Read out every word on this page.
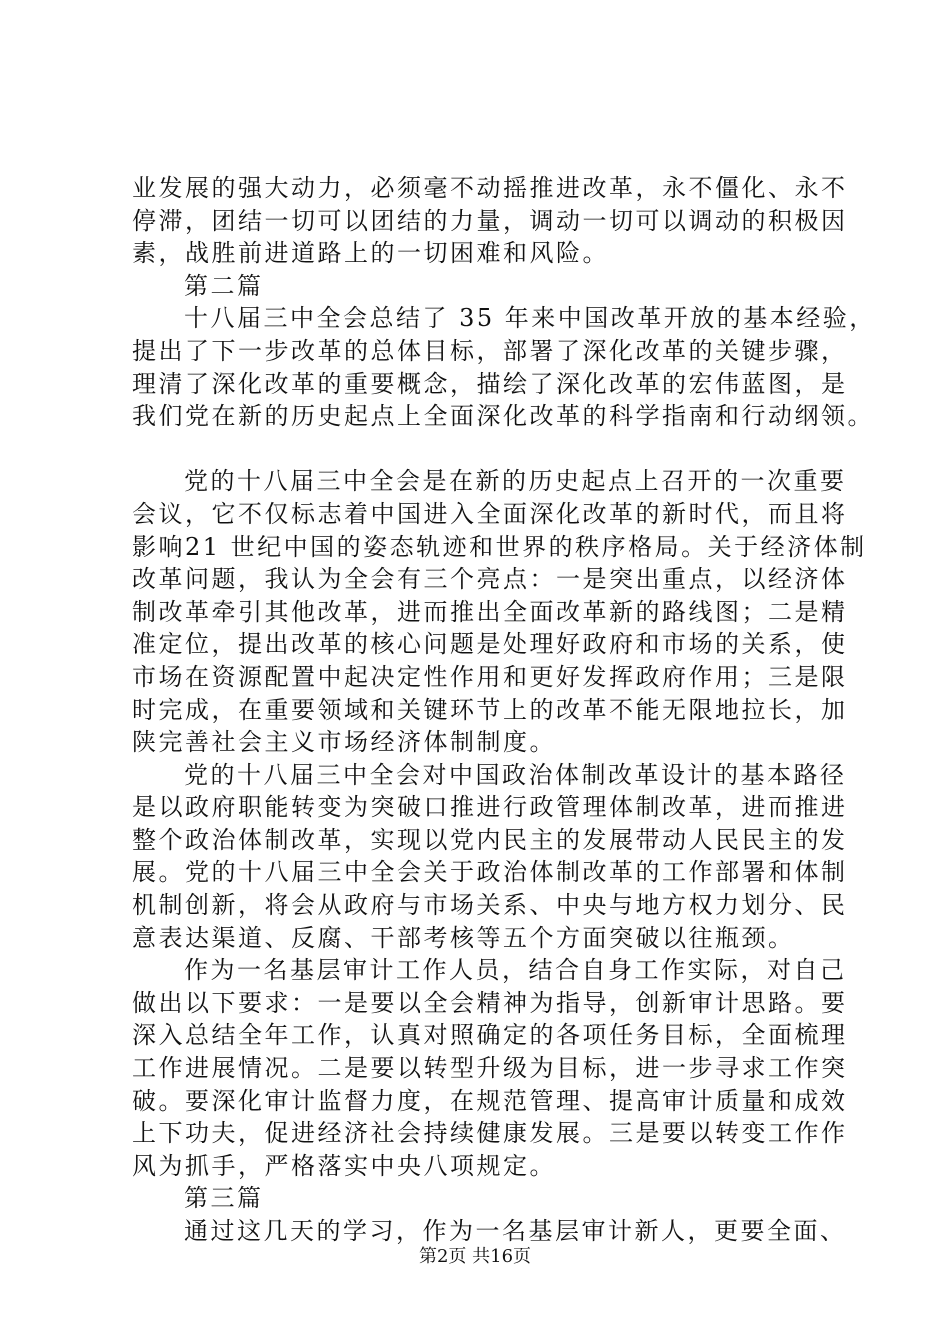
业发展的强大动力，必须毫不动摇推进改革，永不僵化、永不
停滞，团结一切可以团结的力量，调动一切可以调动的积极因
素，战胜前进道路上的一切困难和风险。
第二篇
十八届三中全会总结了 35 年来中国改革开放的基本经验，
提出了下一步改革的总体目标，部署了深化改革的关键步骤，
理清了深化改革的重要概念，描绘了深化改革的宏伟蓝图，是
我们党在新的历史起点上全面深化改革的科学指南和行动纲领。
党的十八届三中全会是在新的历史起点上召开的一次重要
会议，它不仅标志着中国进入全面深化改革的新时代，而且将
影响21 世纪中国的姿态轨迹和世界的秩序格局。关于经济体制
改革问题，我认为全会有三个亮点：一是突出重点，以经济体
制改革牵引其他改革，进而推出全面改革新的路线图；二是精
准定位，提出改革的核心问题是处理好政府和市场的关系，使
市场在资源配置中起决定性作用和更好发挥政府作用；三是限
时完成，在重要领域和关键环节上的改革不能无限地拉长，加
陕完善社会主义市场经济体制制度。
党的十八届三中全会对中国政治体制改革设计的基本路径
是以政府职能转变为突破口推进行政管理体制改革，进而推进
整个政治体制改革，实现以党内民主的发展带动人民民主的发
展。党的十八届三中全会关于政治体制改革的工作部署和体制
机制创新，将会从政府与市场关系、中央与地方权力划分、民
意表达渠道、反腐、干部考核等五个方面突破以往瓶颈。
作为一名基层审计工作人员，结合自身工作实际，对自己
做出以下要求：一是要以全会精神为指导，创新审计思路。要
深入总结全年工作，认真对照确定的各项任务目标，全面梳理
工作进展情况。二是要以转型升级为目标，进一步寻求工作突
破。要深化审计监督力度，在规范管理、提高审计质量和成效
上下功夫，促进经济社会持续健康发展。三是要以转变工作作
风为抓手，严格落实中央八项规定。
第三篇
通过这几天的学习，作为一名基层审计新人，更要全面、
第2页 共16页
